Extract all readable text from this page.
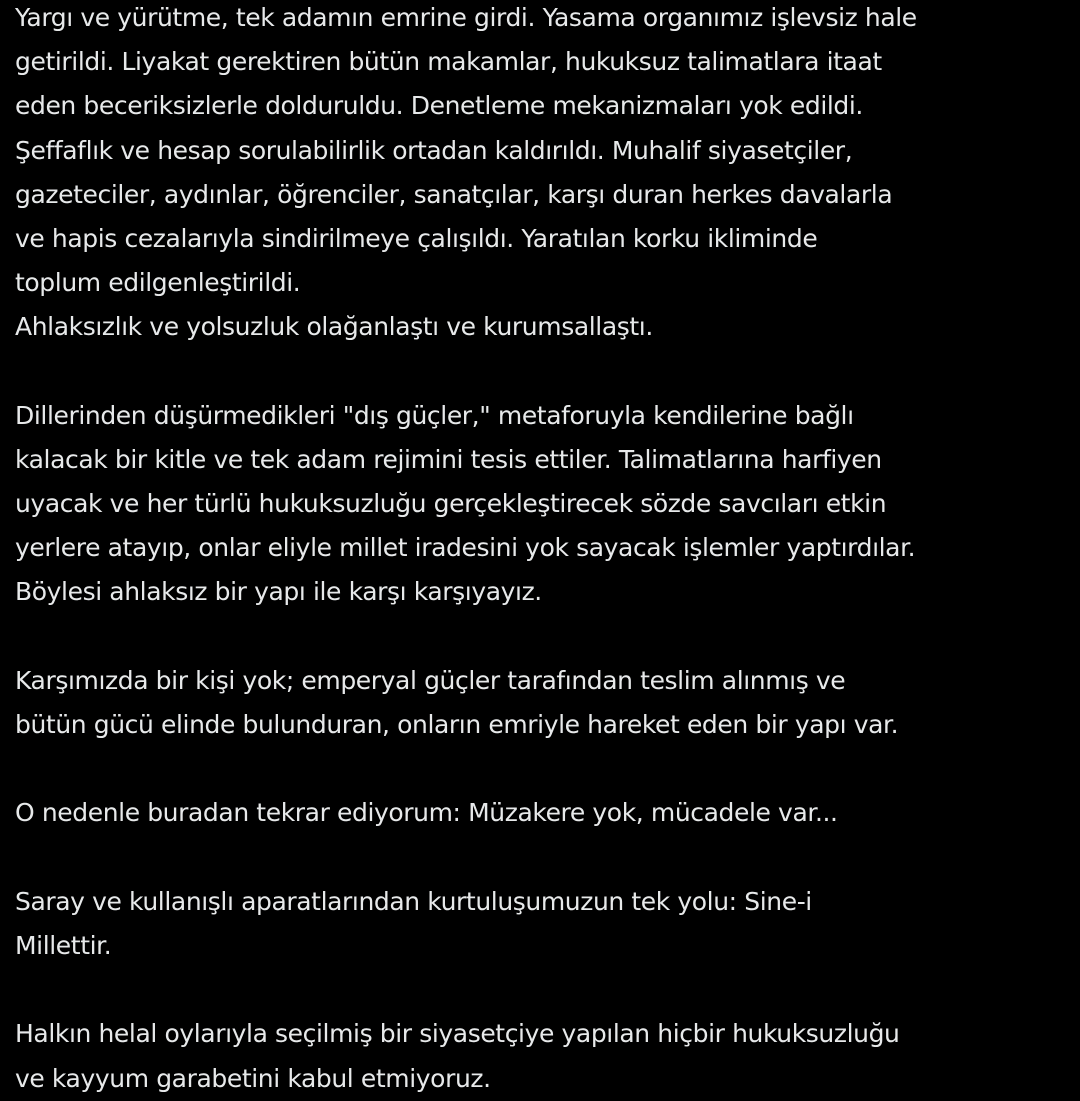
Yargı ve yürütme, tek adamın emrine girdi. Yasama organımız işlevsiz hale
getirildi. Liyakat gerektiren bütün makamlar, hukuksuz talimatlara itaat
eden beceriksizlerle dolduruldu. Denetleme mekanizmaları yok edildi.
Şeffaflık ve hesap sorulabilirlik ortadan kaldırıldı. Muhalif siyasetçiler,
gazeteciler, aydınlar, öğrenciler, sanatçılar, karşı duran herkes davalarla
ve hapis cezalarıyla sindirilmeye çalışıldı. Yaratılan korku ikliminde
toplum edilgenleştirildi.
Ahlaksızlık ve yolsuzluk olağanlaştı ve kurumsallaştı.
Dillerinden düşürmedikleri "dış güçler," metaforuyla kendilerine bağlı
kalacak bir kitle ve tek adam rejimini tesis ettiler. Talimatlarına harfiyen
uyacak ve her türlü hukuksuzluğu gerçekleştirecek sözde savcıları etkin
yerlere atayıp, onlar eliyle millet iradesini yok sayacak işlemler yaptırdılar.
Böylesi ahlaksız bir yapı ile karşı karşıyayız.
Karşımızda bir kişi yok; emperyal güçler tarafından teslim alınmış ve
bütün gücü elinde bulunduran, onların emriyle hareket eden bir yapı var.
O nedenle buradan tekrar ediyorum: Müzakere yok, mücadele var...
Saray ve kullanışlı aparatlarından kurtuluşumuzun tek yolu: Sine-i
Millettir.
Halkın helal oylarıyla seçilmiş bir siyasetçiye yapılan hiçbir hukuksuzluğu
ve kayyum garabetini kabul etmiyoruz.
